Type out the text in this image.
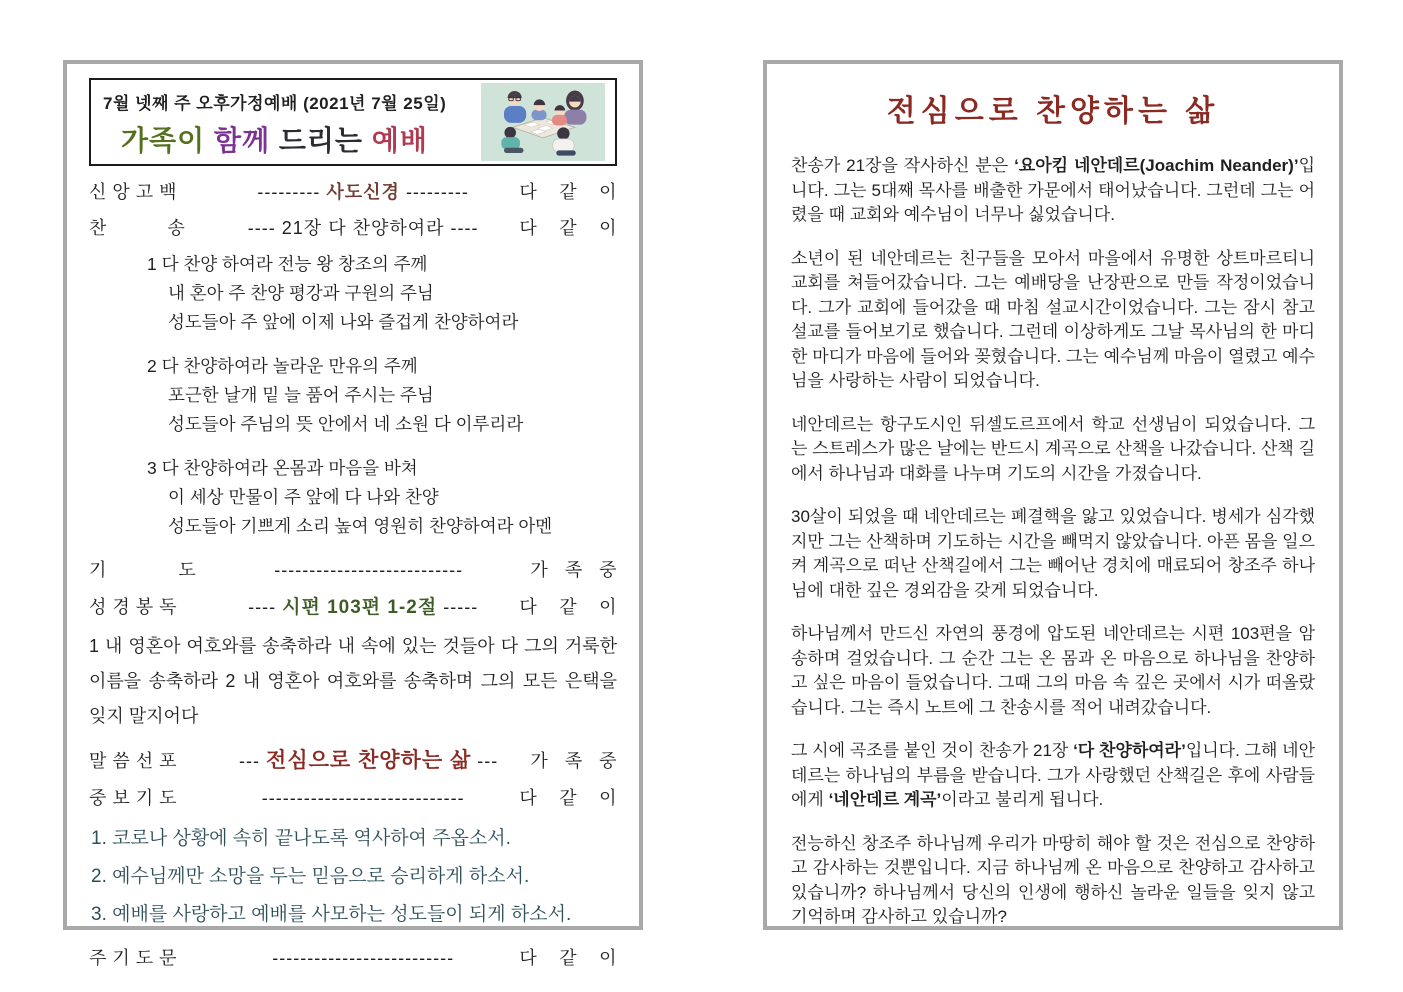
7월 넷째 주 오후가정예배 (2021년 7월 25일)
가족이 함께 드리는 예배
신 앙 고 백	--------- 사도신경 ---------	다    같    이
찬           송	---- 21장 다 찬양하여라 ----	다    같    이
1 다 찬양 하여라 전능 왕 창조의 주께
내 혼아 주 찬양 평강과 구원의 주님
성도들아 주 앞에 이제 나와 즐겁게 찬양하여라
2 다 찬양하여라 놀라운 만유의 주께
포근한 날개 밑 늘 품어 주시는 주님
성도들아 주님의 뜻 안에서 네 소원 다 이루리라
3 다 찬양하여라 온몸과 마음을 바쳐
이 세상 만물이 주 앞에 다 나와 찬양
성도들아 기쁘게 소리 높여 영원히 찬양하여라 아멘
기             도	---------------------------	가   족   중
성 경 봉 독	---- 시편 103편 1-2절 -----	다    같    이
1 내 영혼아 여호와를 송축하라 내 속에 있는 것들아 다 그의 거룩한 이름을 송축하라 2 내 영혼아 여호와를 송축하며 그의 모든 은택을 잊지 말지어다
말 씀 선 포	--- 전심으로 찬양하는 삶 ---	가   족   중
중 보 기 도	-----------------------------	다    같    이
1. 코로나 상황에 속히 끝나도록 역사하여 주옵소서.
2. 예수님께만 소망을 두는 믿음으로 승리하게 하소서.
3. 예배를 사랑하고 예배를 사모하는 성도들이 되게 하소서.
주 기 도 문	--------------------------	다    같    이
전심으로 찬양하는 삶

찬송가 21장을 작사하신 분은 ‘요아킴 네안데르(Joachim Neander)’입니다. 그는 5대째 목사를 배출한 가문에서 태어났습니다. 그런데 그는 어렸을 때 교회와 예수님이 너무나 싫었습니다.

소년이 된 네안데르는 친구들을 모아서 마을에서 유명한 상트마르티니 교회를 쳐들어갔습니다. 그는 예배당을 난장판으로 만들 작정이었습니다. 그가 교회에 들어갔을 때 마침 설교시간이었습니다. 그는 잠시 참고 설교를 들어보기로 했습니다. 그런데 이상하게도 그날 목사님의 한 마디 한 마디가 마음에 들어와 꽂혔습니다. 그는 예수님께 마음이 열렸고 예수님을 사랑하는 사람이 되었습니다.

네안데르는 항구도시인 뒤셀도르프에서 학교 선생님이 되었습니다. 그는 스트레스가 많은 날에는 반드시 계곡으로 산책을 나갔습니다. 산책 길에서 하나님과 대화를 나누며 기도의 시간을 가졌습니다.

30살이 되었을 때 네안데르는 폐결핵을 앓고 있었습니다. 병세가 심각했지만 그는 산책하며 기도하는 시간을 빼먹지 않았습니다. 아픈 몸을 일으켜 계곡으로 떠난 산책길에서 그는 빼어난 경치에 매료되어 창조주 하나님에 대한 깊은 경외감을 갖게 되었습니다.

하나님께서 만드신 자연의 풍경에 압도된 네안데르는 시편 103편을 암송하며 걸었습니다. 그 순간 그는 온 몸과 온 마음으로 하나님을 찬양하고 싶은 마음이 들었습니다. 그때 그의 마음 속 깊은 곳에서 시가 떠올랐습니다. 그는 즉시 노트에 그 찬송시를 적어 내려갔습니다.

그 시에 곡조를 붙인 것이 찬송가 21장 ‘다 찬양하여라’입니다. 그해 네안데르는 하나님의 부름을 받습니다. 그가 사랑했던 산책길은 후에 사람들에게 ‘네안데르 계곡’이라고 불리게 됩니다.

전능하신 창조주 하나님께 우리가 마땅히 해야 할 것은 전심으로 찬양하고 감사하는 것뿐입니다. 지금 하나님께 온 마음으로 찬양하고 감사하고 있습니까? 하나님께서 당신의 인생에 행하신 놀라운 일들을 잊지 않고 기억하며 감사하고 있습니까?
